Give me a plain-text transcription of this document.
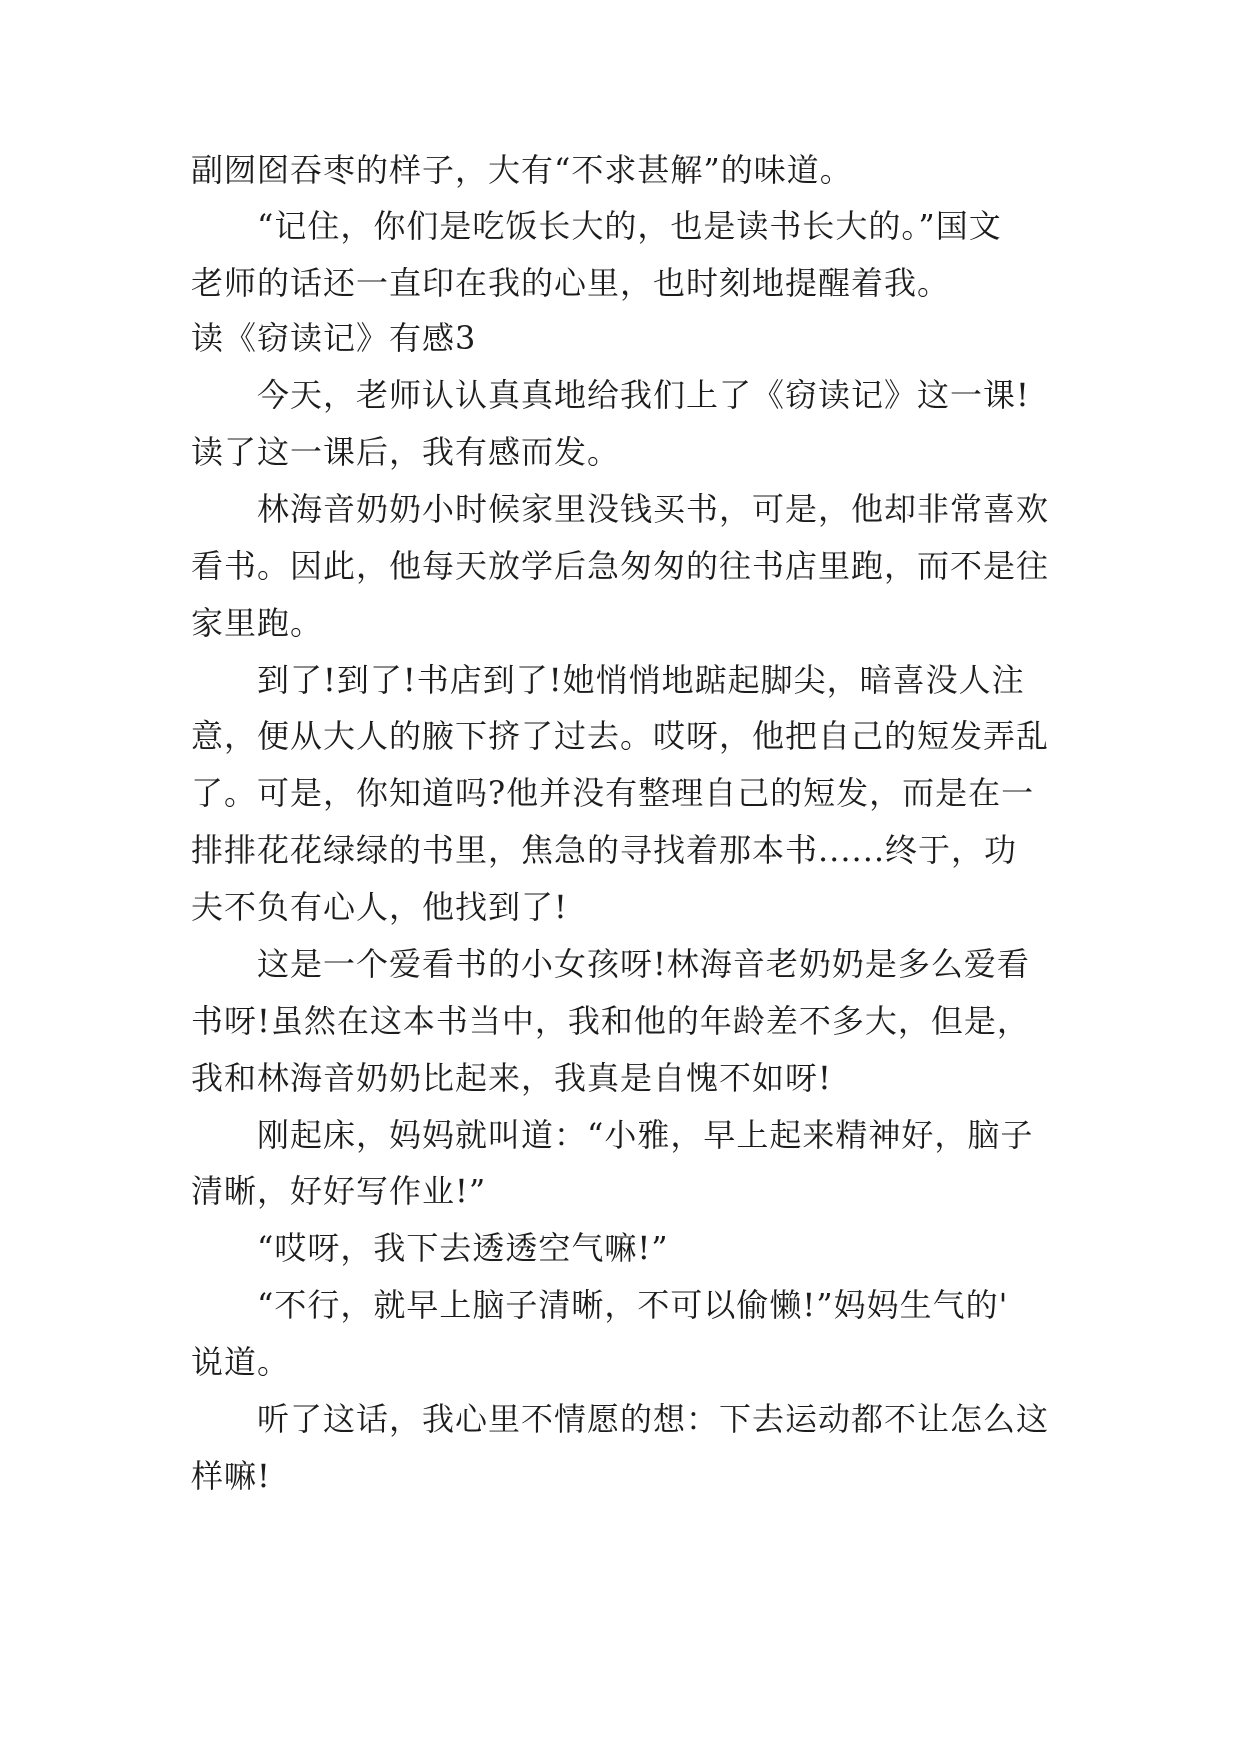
副囫囵吞枣的样子，大有“不求甚解”的味道。
“记住，你们是吃饭长大的，也是读书长大的。”国文
老师的话还一直印在我的心里，也时刻地提醒着我。
读《窃读记》有感3
今天，老师认认真真地给我们上了《窃读记》这一课!
读了这一课后，我有感而发。
林海音奶奶小时候家里没钱买书，可是，他却非常喜欢
看书。因此，他每天放学后急匆匆的往书店里跑，而不是往
家里跑。
到了!到了!书店到了!她悄悄地踮起脚尖，暗喜没人注
意，便从大人的腋下挤了过去。哎呀，他把自己的短发弄乱
了。可是，你知道吗?他并没有整理自己的短发，而是在一
排排花花绿绿的书里，焦急的寻找着那本书......终于，功
夫不负有心人，他找到了!
这是一个爱看书的小女孩呀!林海音老奶奶是多么爱看
书呀!虽然在这本书当中，我和他的年龄差不多大，但是，
我和林海音奶奶比起来，我真是自愧不如呀!
刚起床，妈妈就叫道：“小雅，早上起来精神好，脑子
清晰，好好写作业!”
“哎呀，我下去透透空气嘛!”
“不行，就早上脑子清晰，不可以偷懒!”妈妈生气的'
说道。
听了这话，我心里不情愿的想：下去运动都不让怎么这
样嘛!
